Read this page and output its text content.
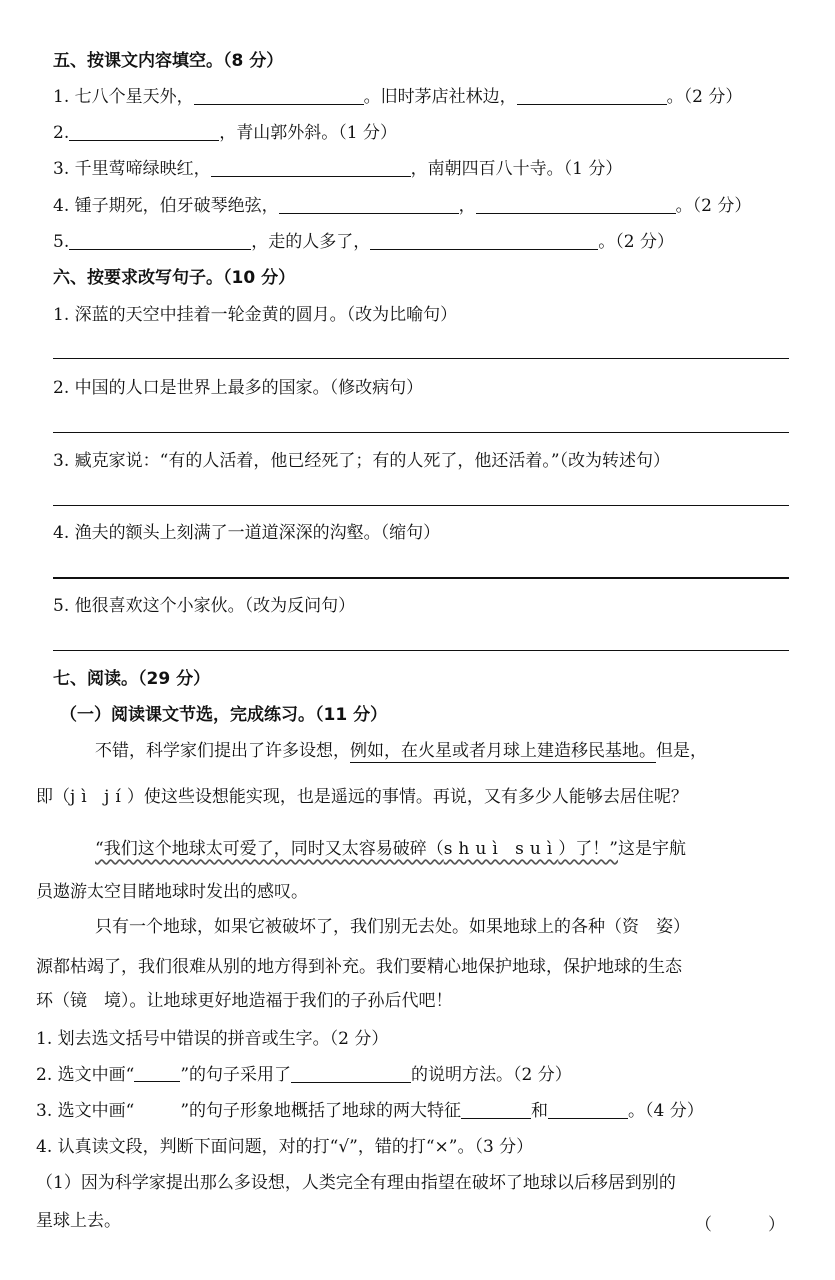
五、按课文内容填空。（8 分）
1. 七八个星天外，	。旧时茅店社林边，	。（2 分）
2.	，青山郭外斜。（1 分）
3. 千里莺啼绿映红，	，南朝四百八十寺。（1 分）
4. 锺子期死，伯牙破琴绝弦，	，	。（2 分）
5.	，走的人多了，	。（2 分）
六、按要求改写句子。（10 分）
1. 深蓝的天空中挂着一轮金黄的圆月。（改为比喻句）
2. 中国的人口是世界上最多的国家。（修改病句）
3. 臧克家说：“有的人活着，他已经死了；有的人死了，他还活着。”（改为转述句）
4. 渔夫的额头上刻满了一道道深深的沟壑。（缩句）
5. 他很喜欢这个小家伙。（改为反问句）
七、阅读。（29 分）
（一）阅读课文节选，完成练习。（11 分）
不错，科学家们提出了许多设想，例如，在火星或者月球上建造移民基地。但是，
即（jì jí）使这些设想能实现，也是遥远的事情。再说，又有多少人能够去居住呢？
“我们这个地球太可爱了，同时又太容易破碎（shuì suì）了！”这是宇航
员遨游太空目睹地球时发出的感叹。
只有一个地球，如果它被破坏了，我们别无去处。如果地球上的各种（资　姿）
源都枯竭了，我们很难从别的地方得到补充。我们要精心地保护地球，保护地球的生态
环（镜　境）。让地球更好地造福于我们的子孙后代吧！
1. 划去选文括号中错误的拼音或生字。（2 分）
2. 选文中画“	”的句子采用了	的说明方法。（2 分）
3. 选文中画“	”的句子形象地概括了地球的两大特征	和	。（4 分）
4. 认真读文段，判断下面问题，对的打“√”，错的打“×”。（3 分）
（1）因为科学家提出那么多设想，人类完全有理由指望在破坏了地球以后移居到别的
星球上去。	（	）
